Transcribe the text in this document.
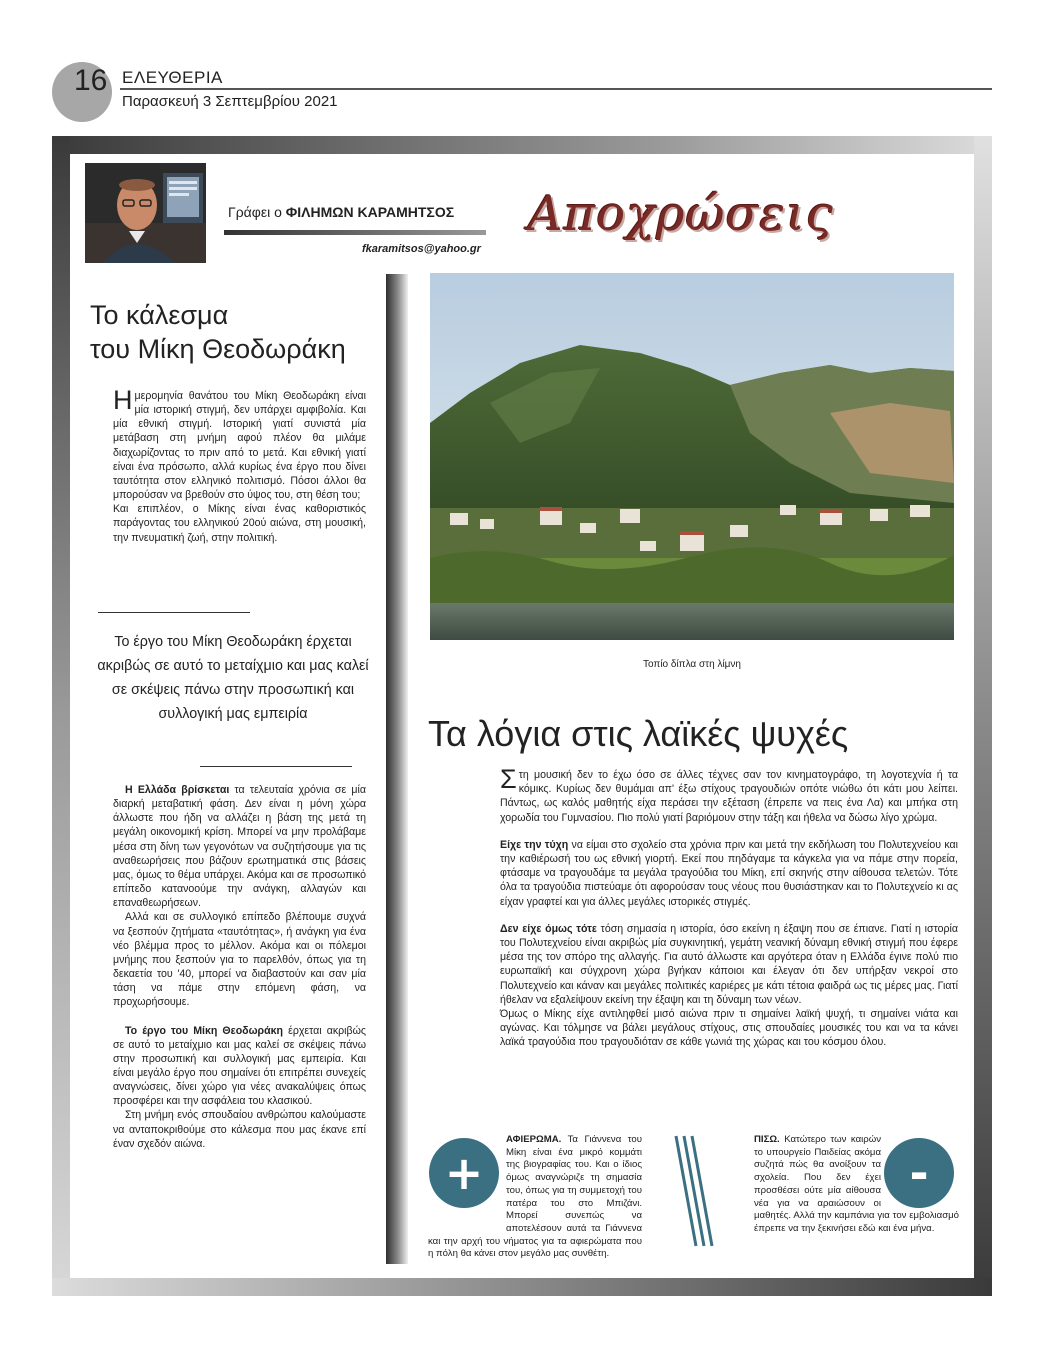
16 ΕΛΕΥΘΕΡΙΑ
Παρασκευή 3 Σεπτεμβρίου 2021
Γράφει ο ΦΙΛΗΜΩΝ ΚΑΡΑΜΗΤΣΟΣ
fkaramitsos@yahoo.gr
Αποχρώσεις
Το κάλεσμα
του Μίκη Θεοδωράκη

Ημερομηνία θανάτου του Μίκη Θεοδωράκη είναι μία ιστορική στιγμή, δεν υπάρχει αμφιβολία. Και μία εθνική στιγμή. Ιστορική γιατί συνιστά μία μετάβαση στη μνήμη αφού πλέον θα μιλάμε διαχωρίζοντας το πριν από το μετά. Και εθνική γιατί είναι ένα πρόσωπο, αλλά κυρίως ένα έργο που δίνει ταυτότητα στον ελληνικό πολιτισμό. Πόσοι άλλοι θα μπορούσαν να βρεθούν στο ύψος του, στη θέση του;

Και επιπλέον, ο Μίκης είναι ένας καθοριστικός παράγοντας του ελληνικού 20ού αιώνα, στη μουσική, την πνευματική ζωή, στην πολιτική.

Το έργο του Μίκη Θεοδωράκη έρχεται ακριβώς σε αυτό το μεταίχμιο και μας καλεί σε σκέψεις πάνω στην προσωπική και συλλογική μας εμπειρία

Η Ελλάδα βρίσκεται τα τελευταία χρόνια σε μία διαρκή μεταβατική φάση. Δεν είναι η μόνη χώρα άλλωστε που ήδη να αλλάζει η βάση της μετά τη μεγάλη οικονομική κρίση. Μπορεί να μην προλάβαμε μέσα στη δίνη των γεγονότων να συζητήσουμε για τις αναθεωρήσεις που βάζουν ερωτηματικά στις βάσεις μας, όμως το θέμα υπάρχει. Ακόμα και σε προσωπικό επίπεδο κατανοούμε την ανάγκη, αλλαγών και επαναθεωρήσεων.

Αλλά και σε συλλογικό επίπεδο βλέπουμε συχνά να ξεσπούν ζητήματα «ταυτότητας», ή ανάγκη για ένα νέο βλέμμα προς το μέλλον. Ακόμα και οι πόλεμοι μνήμης που ξεσπούν για το παρελθόν, όπως για τη δεκαετία του '40, μπορεί να διαβαστούν και σαν μία τάση να πάμε στην επόμενη φάση, να προχωρήσουμε.

Το έργο του Μίκη Θεοδωράκη έρχεται ακριβώς σε αυτό το μεταίχμιο και μας καλεί σε σκέψεις πάνω στην προσωπική και συλλογική μας εμπειρία. Και είναι μεγάλο έργο που σημαίνει ότι επιτρέπει συνεχείς αναγνώσεις, δίνει χώρο για νέες ανακαλύψεις όπως προσφέρει και την ασφάλεια του κλασικού.

Στη μνήμη ενός σπουδαίου ανθρώπου καλούμαστε να ανταποκριθούμε στο κάλεσμα που μας έκανε επί έναν σχεδόν αιώνα.

Τοπίο δίπλα στη λίμνη
Τα λόγια στις λαϊκές ψυχές

Στη μουσική δεν το έχω όσο σε άλλες τέχνες σαν τον κινηματογράφο, τη λογοτεχνία ή τα κόμικς. Κυρίως δεν θυμάμαι απ' έξω στίχους τραγουδιών οπότε νιώθω ότι κάτι μου λείπει. Πάντως, ως καλός μαθητής είχα περάσει την εξέταση (έπρεπε να πεις ένα Λα) και μπήκα στη χορωδία του Γυμνασίου. Πιο πολύ γιατί βαριόμουν στην τάξη και ήθελα να δώσω λίγο χρώμα.

Είχε την τύχη να είμαι στο σχολείο στα χρόνια πριν και μετά την εκδήλωση του Πολυτεχνείου και την καθιέρωσή του ως εθνική γιορτή. Εκεί που πηδάγαμε τα κάγκελα για να πάμε στην πορεία, φτάσαμε να τραγουδάμε τα μεγάλα τραγούδια του Μίκη, επί σκηνής στην αίθουσα τελετών. Τότε όλα τα τραγούδια πιστεύαμε ότι αφορούσαν τους νέους που θυσιάστηκαν και το Πολυτεχνείο κι ας είχαν γραφτεί και για άλλες μεγάλες ιστορικές στιγμές.

Δεν είχε όμως τότε τόση σημασία η ιστορία, όσο εκείνη η έξαψη που σε έπιανε. Γιατί η ιστορία του Πολυτεχνείου είναι ακριβώς μία συγκινητική, γεμάτη νεανική δύναμη εθνική στιγμή που έφερε μέσα της τον σπόρο της αλλαγής. Για αυτό άλλωστε και αργότερα όταν η Ελλάδα έγινε πολύ πιο ευρωπαϊκή και σύγχρονη χώρα βγήκαν κάποιοι και έλεγαν ότι δεν υπήρξαν νεκροί στο Πολυτεχνείο και κάναν και μεγάλες πολιτικές καριέρες με κάτι τέτοια φαιδρά ως τις μέρες μας. Γιατί ήθελαν να εξαλείψουν εκείνη την έξαψη και τη δύναμη των νέων.

Όμως ο Μίκης είχε αντιληφθεί μισό αιώνα πριν τι σημαίνει λαϊκή ψυχή, τι σημαίνει νιάτα και αγώνας. Και τόλμησε να βάλει μεγάλους στίχους, στις σπουδαίες μουσικές του και να τα κάνει λαϊκά τραγούδια που τραγουδιόταν σε κάθε γωνιά της χώρας και του κόσμου όλου.

+
ΑΦΙΕΡΩΜΑ. Τα Γιάννενα του Μίκη είναι ένα μικρό κομμάτι της βιογραφίας του. Και ο ίδιος όμως αναγνώριζε τη σημασία του, όπως για τη συμμετοχή του πατέρα του στο Μπιζάνι. Μπορεί συνεπώς να αποτελέσουν αυτά τα Γιάννενα και την αρχή του νήματος για τα αφιερώματα που η πόλη θα κάνει στον μεγάλο μας συνθέτη.
-
ΠΙΣΩ. Κατώτερο των καιρών το υπουργείο Παιδείας ακόμα συζητά πώς θα ανοίξουν τα σχολεία. Που δεν έχει προσθέσει ούτε μία αίθουσα νέα για να αραιώσουν οι μαθητές. Αλλά την καμπάνια για τον εμβολιασμό έπρεπε να την ξεκινήσει εδώ και ένα μήνα.
